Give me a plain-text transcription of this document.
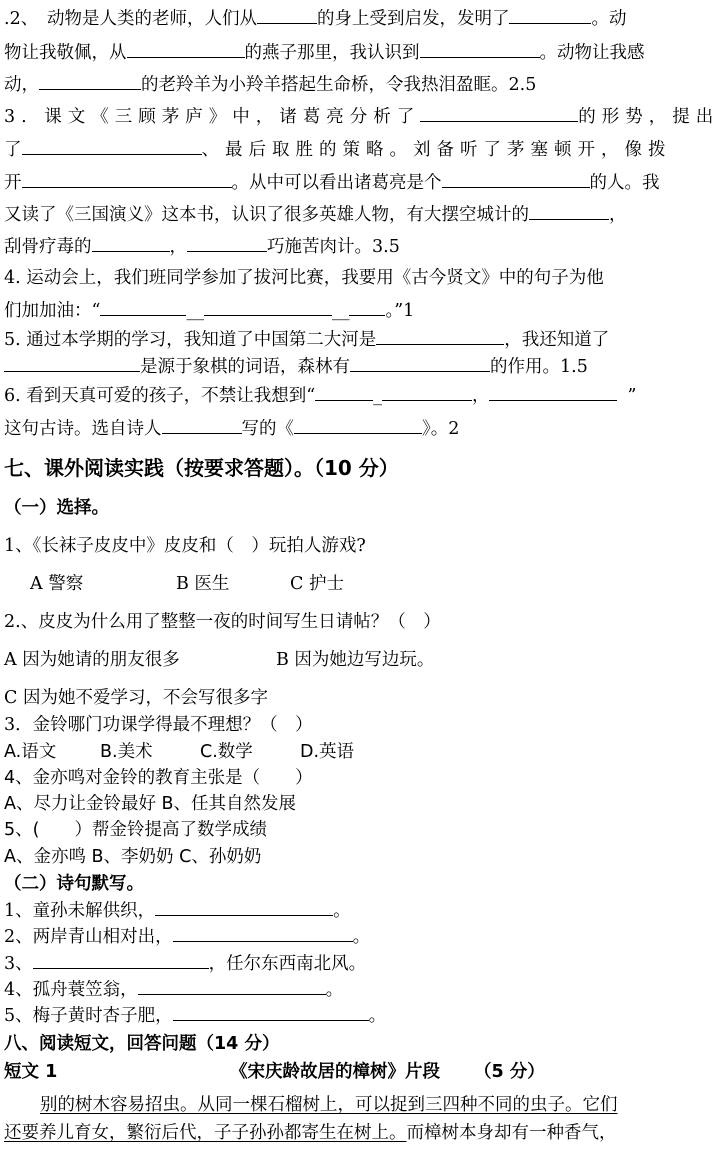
.2、　动物是人类的老师，人们从	的身上受到启发，发明了	。动
物让我敬佩，从	的燕子那里，我认识到	。动物让我感
动，	的老羚羊为小羚羊搭起生命桥，令我热泪盈眶。2.5
3. 课文《三顾茅庐》中，诸葛亮分析了	的形势，提出
了	、最后取胜的策略。刘备听了茅塞顿开，像拨
开	。从中可以看出诸葛亮是个	的人。我
又读了《三国演义》这本书，认识了很多英雄人物，有大摆空城计的	，
刮骨疗毒的	，	巧施苦肉计。3.5
4. 运动会上，我们班同学参加了拔河比赛，我要用《古今贤文》中的句子为他
们加加油：“	__	__ 。”1
5. 通过本学期的学习，我知道了中国第二大河是	，我还知道了
是源于象棋的词语，森林有	的作用。1.5
6. 看到天真可爱的孩子，不禁让我想到“	_	，	”
这句古诗。选自诗人	写的《	》。2
七、课外阅读实践（按要求答题）。（10 分）
（一）选择。
1、《长袜子皮皮中》皮皮和（　）玩拍人游戏?
A 警察	B 医生	C 护士
2.、皮皮为什么用了整整一夜的时间写生日请帖？（　）
A 因为她请的朋友很多	B 因为她边写边玩。
C 因为她不爱学习，不会写很多字
3．金铃哪门功课学得最不理想？（　）
A.语文	B.美术	C.数学	D.英语
4、金亦鸣对金铃的教育主张是（　　）
A、尽力让金铃最好 B、任其自然发展
5、(　　）帮金铃提高了数学成绩
A、金亦鸣 B、李奶奶 C、孙奶奶
（二）诗句默写。
1、童孙未解供织，	。
2、两岸青山相对出，	。
3、	，任尔东西南北风。
4、孤舟蓑笠翁，	。
5、梅子黄时杏子肥，	。
八、阅读短文，回答问题（14 分）
短文 1	《宋庆龄故居的樟树》片段 （5 分）
别的树木容易招虫。从同一棵石榴树上，可以捉到三四种不同的虫子。它们
还要养儿育女，繁衍后代，子子孙孙都寄生在树上。而樟树本身却有一种香气，
